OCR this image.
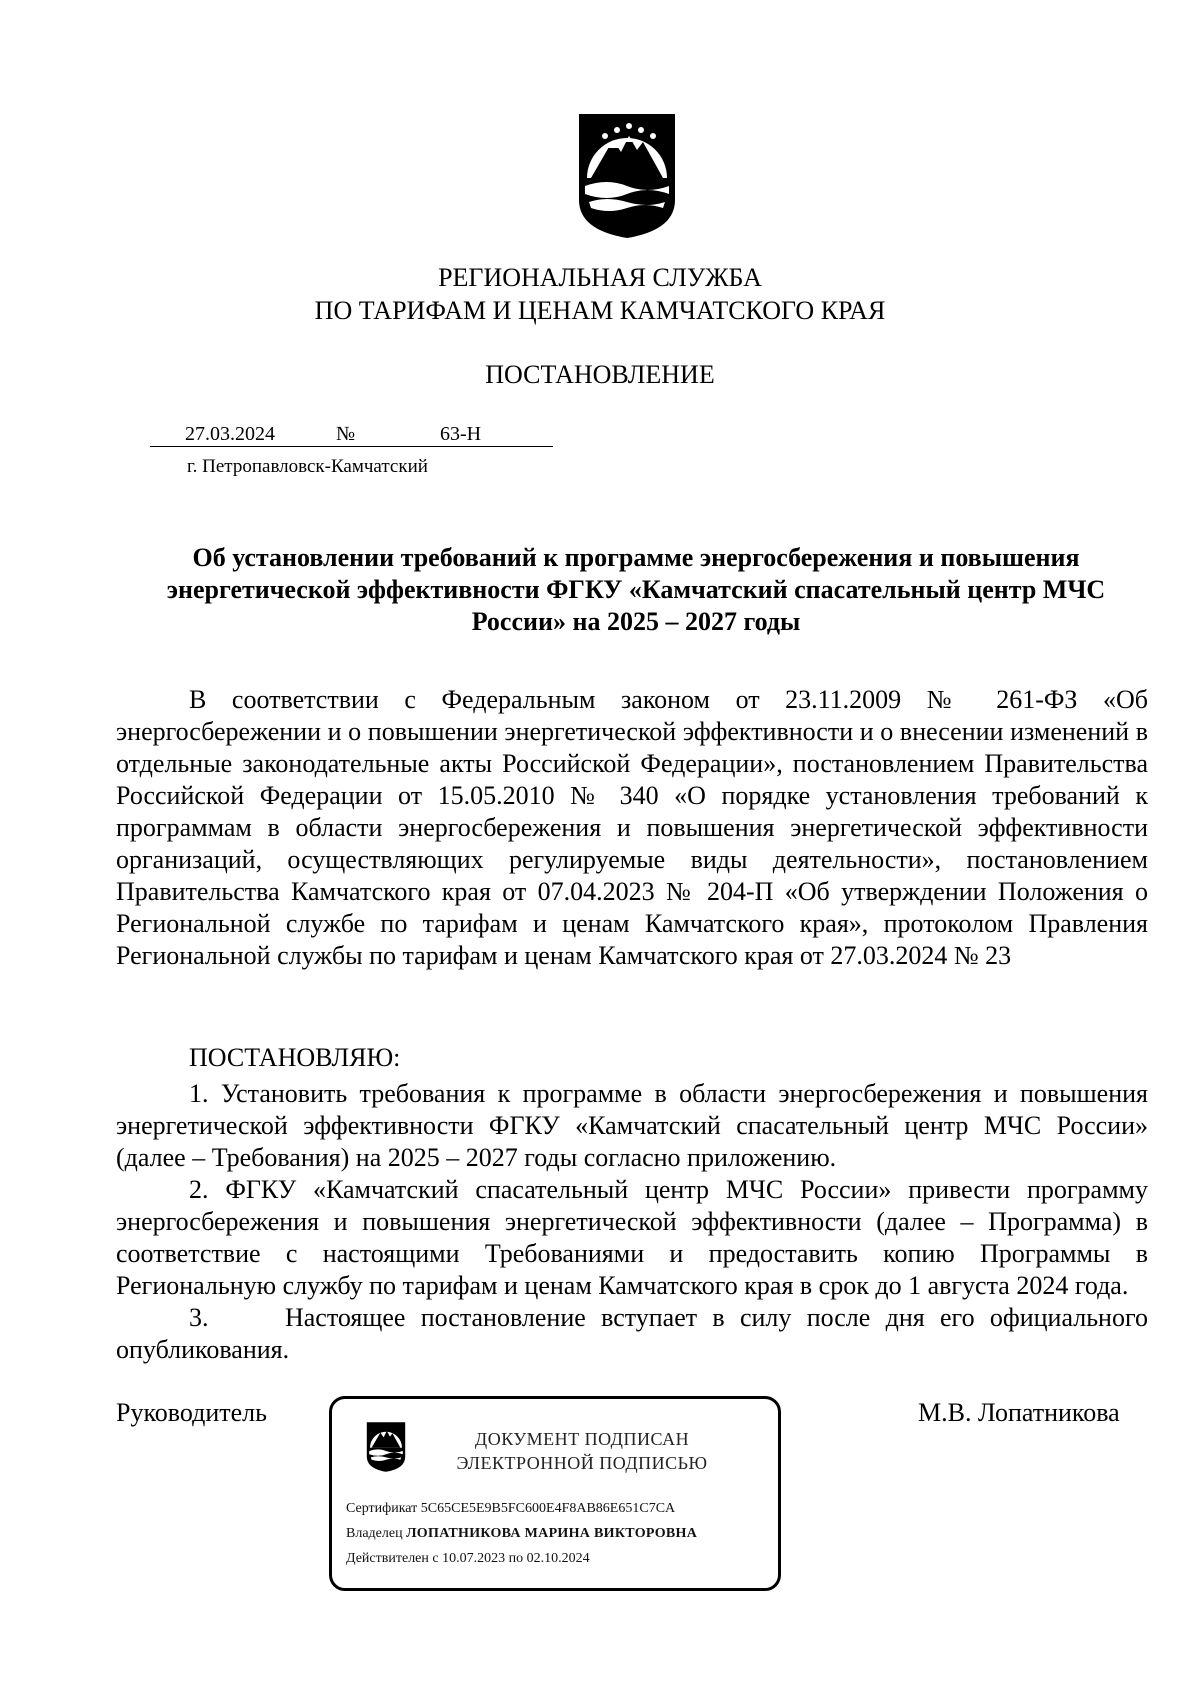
РЕГИОНАЛЬНАЯ СЛУЖБА
ПО ТАРИФАМ И ЦЕНАМ КАМЧАТСКОГО КРАЯ
ПОСТАНОВЛЕНИЕ
27.03.2024	№	63-Н
г. Петропавловск-Камчатский
Об установлении требований к программе энергосбережения и повышения энергетической эффективности ФГКУ «Камчатский спасательный центр МЧС России» на 2025 – 2027 годы
В соответствии с Федеральным законом от 23.11.2009 № 261-ФЗ «Об энергосбережении и о повышении энергетической эффективности и о внесении изменений в отдельные законодательные акты Российской Федерации», постановлением Правительства Российской Федерации от 15.05.2010 № 340 «О порядке установления требований к программам в области энергосбережения и повышения энергетической эффективности организаций, осуществляющих регулируемые виды деятельности», постановлением Правительства Камчатского края от 07.04.2023 № 204-П «Об утверждении Положения о Региональной службе по тарифам и ценам Камчатского края», протоколом Правления Региональной службы по тарифам и ценам Камчатского края от 27.03.2024 № 23
ПОСТАНОВЛЯЮ:

1. Установить требования к программе в области энергосбережения и повышения энергетической эффективности ФГКУ «Камчатский спасательный центр МЧС России» (далее – Требования) на 2025 – 2027 годы согласно приложению.

2. ФГКУ «Камчатский спасательный центр МЧС России» привести программу энергосбережения и повышения энергетической эффективности (далее – Программа) в соответствие с настоящими Требованиями и предоставить копию Программы в Региональную службу по тарифам и ценам Камчатского края в срок до 1 августа 2024 года.

3.     Настоящее постановление вступает в силу после дня его официального опубликования.

Руководитель	М.В. Лопатникова
ДОКУМЕНТ ПОДПИСАН
ЭЛЕКТРОННОЙ ПОДПИСЬЮ
Сертификат 5C65CE5E9B5FC600E4F8AB86E651C7CA
Владелец ЛОПАТНИКОВА МАРИНА ВИКТОРОВНА
Действителен с 10.07.2023 по 02.10.2024
